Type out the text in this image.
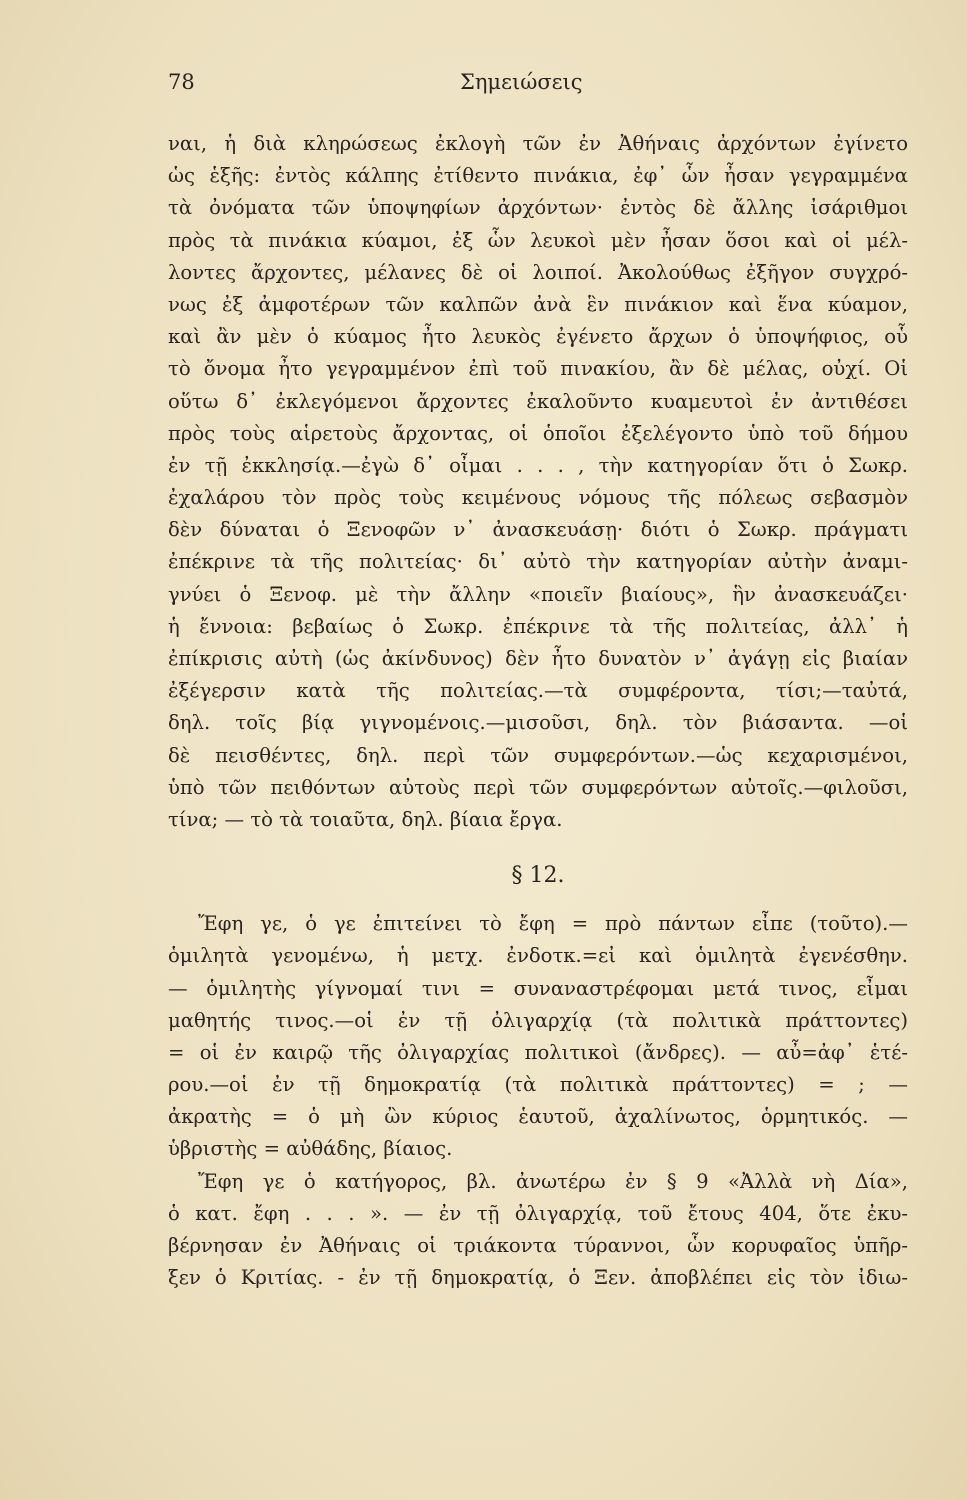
78	Σημειώσεις
ναι, ἡ διὰ κληρώσεως ἐκλογὴ τῶν ἐν Ἀθήναις ἀρχόντων ἐγίνετο
ὡς ἑξῆς: ἐντὸς κάλπης ἐτίθεντο πινάκια, ἐφ᾽ ὧν ἦσαν γεγραμμένα
τὰ ὀνόματα τῶν ὑποψηφίων ἀρχόντων· ἐντὸς δὲ ἄλλης ἰσάριθμοι
πρὸς τὰ πινάκια κύαμοι, ἐξ ὧν λευκοὶ μὲν ἦσαν ὅσοι καὶ οἱ μέλ-
λοντες ἄρχοντες, μέλανες δὲ οἱ λοιποί. Ἀκολούθως ἐξῆγον συγχρό-
νως ἐξ ἀμφοτέρων τῶν καλπῶν ἀνὰ ἓν πινάκιον καὶ ἕνα κύαμον,
καὶ ἂν μὲν ὁ κύαμος ἦτο λευκὸς ἐγένετο ἄρχων ὁ ὑποψήφιος, οὗ
τὸ ὄνομα ἦτο γεγραμμένον ἐπὶ τοῦ πινακίου, ἂν δὲ μέλας, οὐχί. Οἱ
οὕτω δ᾽ ἐκλεγόμενοι ἄρχοντες ἐκαλοῦντο κυαμευτοὶ ἐν ἀντιθέσει
πρὸς τοὺς αἱρετοὺς ἄρχοντας, οἱ ὁποῖοι ἐξελέγοντο ὑπὸ τοῦ δήμου
ἐν τῇ ἐκκλησίᾳ.—ἐγὼ δ᾽ οἶμαι . . . , τὴν κατηγορίαν ὅτι ὁ Σωκρ.
ἐχαλάρου τὸν πρὸς τοὺς κειμένους νόμους τῆς πόλεως σεβασμὸν
δὲν δύναται ὁ Ξενοφῶν ν᾽ ἀνασκευάσῃ· διότι ὁ Σωκρ. πράγματι
ἐπέκρινε τὰ τῆς πολιτείας· δι᾽ αὐτὸ τὴν κατηγορίαν αὐτὴν ἀναμι-
γνύει ὁ Ξενοφ. μὲ τὴν ἄλλην «ποιεῖν βιαίους», ἣν ἀνασκευάζει·
ἡ ἔννοια: βεβαίως ὁ Σωκρ. ἐπέκρινε τὰ τῆς πολιτείας, ἀλλ᾽ ἡ
ἐπίκρισις αὐτὴ (ὡς ἀκίνδυνος) δὲν ἦτο δυνατὸν ν᾽ ἀγάγῃ εἰς βιαίαν
ἐξέγερσιν κατὰ τῆς πολιτείας.—τὰ συμφέροντα, τίσι;—ταὐτά,
δηλ. τοῖς βίᾳ γιγνομένοις.—μισοῦσι, δηλ. τὸν βιάσαντα. —οἱ
δὲ πεισθέντες, δηλ. περὶ τῶν συμφερόντων.—ὡς κεχαρισμένοι,
ὑπὸ τῶν πειθόντων αὐτοὺς περὶ τῶν συμφερόντων αὐτοῖς.—φιλοῦσι,
τίνα; — τὸ τὰ τοιαῦτα, δηλ. βίαια ἔργα.
§ 12.
Ἔφη γε, ὁ γε ἐπιτείνει τὸ ἔφη = πρὸ πάντων εἶπε (τοῦτο).—
ὁμιλητὰ γενομένω, ἡ μετχ. ἐνδοτκ.=εἰ καὶ ὁμιλητὰ ἐγενέσθην.
— ὁμιλητὴς γίγνομαί τινι = συναναστρέφομαι μετά τινος, εἶμαι
μαθητής τινος.—οἱ ἐν τῇ ὀλιγαρχίᾳ (τὰ πολιτικὰ πράττοντες)
= οἱ ἐν καιρῷ τῆς ὀλιγαρχίας πολιτικοὶ (ἄνδρες). — αὖ=ἀφ᾽ ἑτέ-
ρου.—οἱ ἐν τῇ δημοκρατίᾳ (τὰ πολιτικὰ πράττοντες) = ; —
ἀκρατὴς = ὁ μὴ ὢν κύριος ἑαυτοῦ, ἀχαλίνωτος, ὁρμητικός. —
ὑβριστὴς = αὐθάδης, βίαιος.
Ἔφη γε ὁ κατήγορος, βλ. ἀνωτέρω ἐν § 9 «Ἀλλὰ νὴ Δία»,
ὁ κατ. ἔφη . . . ». — ἐν τῇ ὀλιγαρχίᾳ, τοῦ ἔτους 404, ὅτε ἐκυ-
βέρνησαν ἐν Ἀθήναις οἱ τριάκοντα τύραννοι, ὧν κορυφαῖος ὑπῆρ-
ξεν ὁ Κριτίας. - ἐν τῇ δημοκρατίᾳ, ὁ Ξεν. ἀποβλέπει εἰς τὸν ἰδιω-
